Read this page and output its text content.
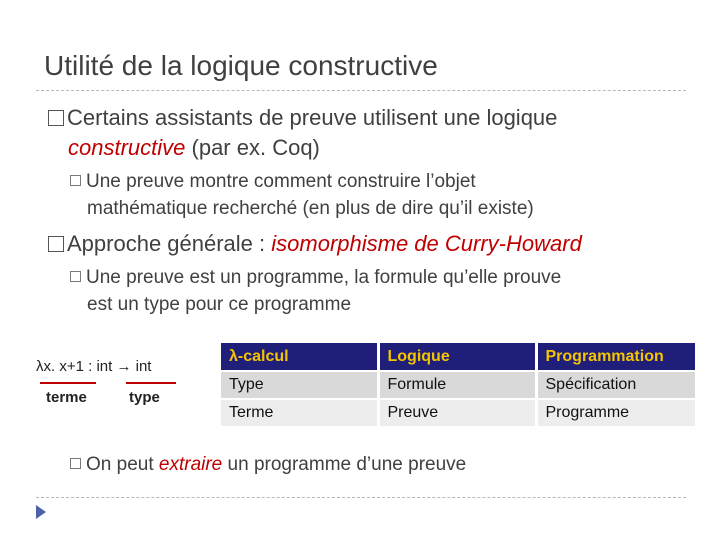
Utilité de la logique constructive
Certains assistants de preuve utilisent une logique
constructive (par ex. Coq)
Une preuve montre comment construire l’objet
mathématique recherché (en plus de dire qu’il existe)
Approche générale : isomorphisme de Curry-Howard
Une preuve est un programme, la formule qu’elle prouve
est un type pour ce programme
λx. x+1 : int → int
terme	type
λ-calcul	Logique	Programmation
Type	Formule	Spécification
Terme	Preuve	Programme
On peut extraire un programme d’une preuve
